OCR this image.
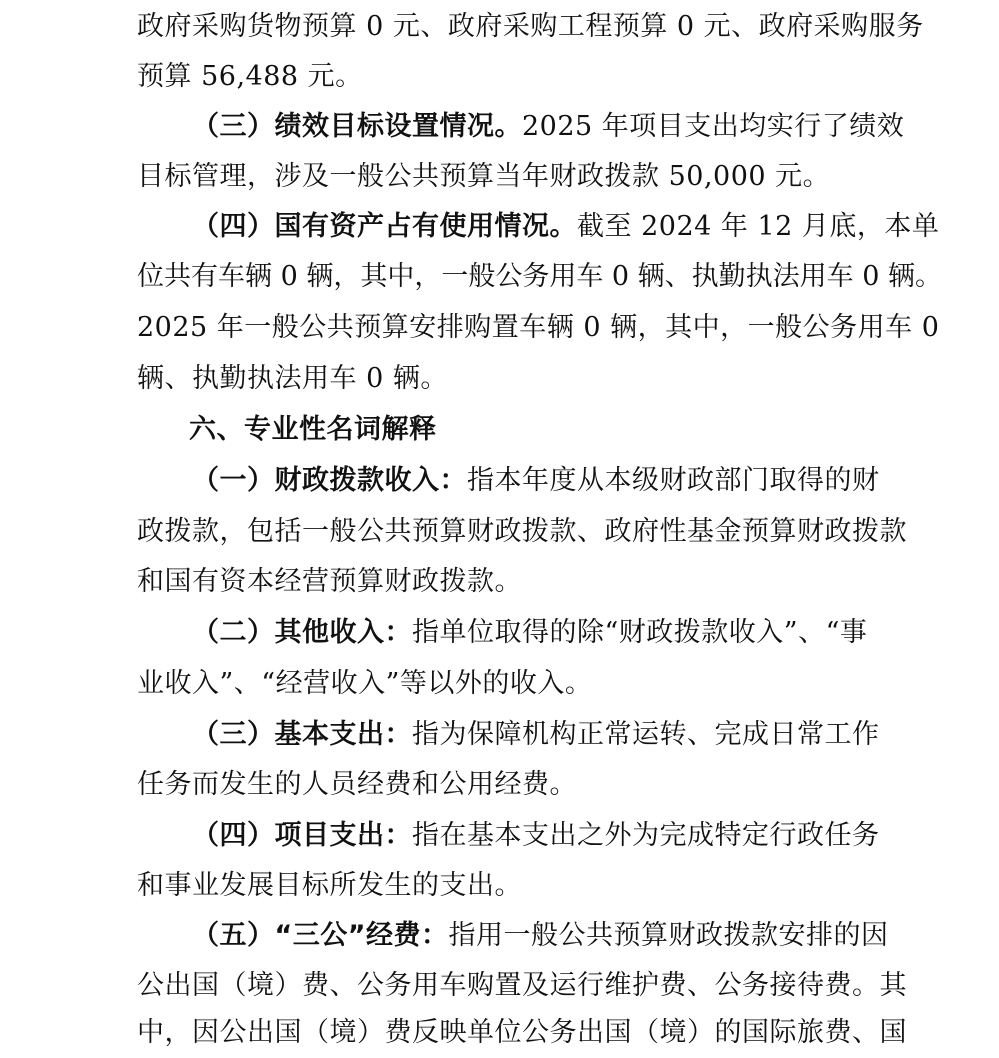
政府采购货物预算 0 元、政府采购工程预算 0 元、政府采购服务
预算 56,488 元。
（三）绩效目标设置情况。2025 年项目支出均实行了绩效
目标管理，涉及一般公共预算当年财政拨款 50,000 元。
（四）国有资产占有使用情况。截至 2024 年 12 月底，本单
位共有车辆 0 辆，其中，一般公务用车 0 辆、执勤执法用车 0 辆。
2025 年一般公共预算安排购置车辆 0 辆，其中，一般公务用车 0
辆、执勤执法用车 0 辆。
六、专业性名词解释
（一）财政拨款收入：指本年度从本级财政部门取得的财
政拨款，包括一般公共预算财政拨款、政府性基金预算财政拨款
和国有资本经营预算财政拨款。
（二）其他收入：指单位取得的除“财政拨款收入”、“事
业收入”、“经营收入”等以外的收入。
（三）基本支出：指为保障机构正常运转、完成日常工作
任务而发生的人员经费和公用经费。
（四）项目支出：指在基本支出之外为完成特定行政任务
和事业发展目标所发生的支出。
（五）“三公”经费：指用一般公共预算财政拨款安排的因
公出国（境）费、公务用车购置及运行维护费、公务接待费。其
中，因公出国（境）费反映单位公务出国（境）的国际旅费、国
